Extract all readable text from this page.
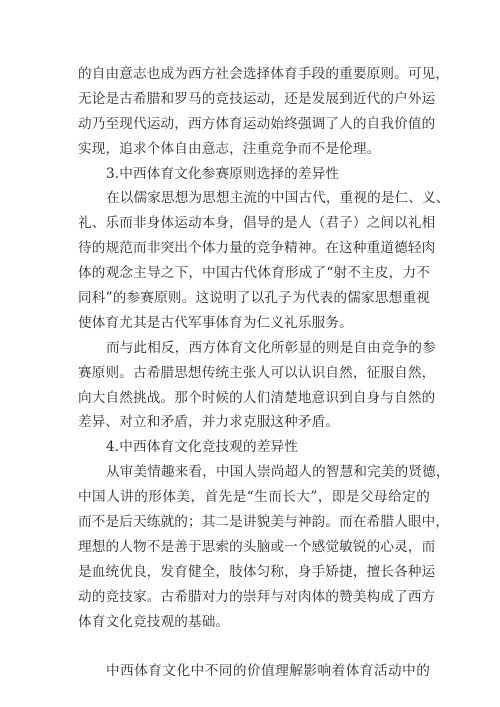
的自由意志也成为西方社会选择体育手段的重要原则。可见，
无论是古希腊和罗马的竞技运动，还是发展到近代的户外运
动乃至现代运动，西方体育运动始终强调了人的自我价值的
实现，追求个体自由意志，注重竞争而不是伦理。
3.中西体育文化参赛原则选择的差异性
在以儒家思想为思想主流的中国古代，重视的是仁、义、
礼、乐而非身体运动本身，倡导的是人（君子）之间以礼相
待的规范而非突出个体力量的竞争精神。在这种重道德轻肉
体的观念主导之下，中国古代体育形成了“射不主皮，力不
同科”的参赛原则。这说明了以孔子为代表的儒家思想重视
使体育尤其是古代军事体育为仁义礼乐服务。
而与此相反，西方体育文化所彰显的则是自由竞争的参
赛原则。古希腊思想传统主张人可以认识自然，征服自然，
向大自然挑战。那个时候的人们清楚地意识到自身与自然的
差异、对立和矛盾，并力求克服这种矛盾。
4.中西体育文化竞技观的差异性
从审美情趣来看，中国人崇尚超人的智慧和完美的贤德，
中国人讲的形体美，首先是“生而长大”，即是父母给定的
而不是后天练就的；其二是讲貌美与神韵。而在希腊人眼中，
理想的人物不是善于思索的头脑或一个感觉敏锐的心灵，而
是血统优良，发育健全，肢体匀称，身手矫捷，擅长各种运
动的竞技家。古希腊对力的崇拜与对肉体的赞美构成了西方
体育文化竞技观的基础。
中西体育文化中不同的价值理解影响着体育活动中的
